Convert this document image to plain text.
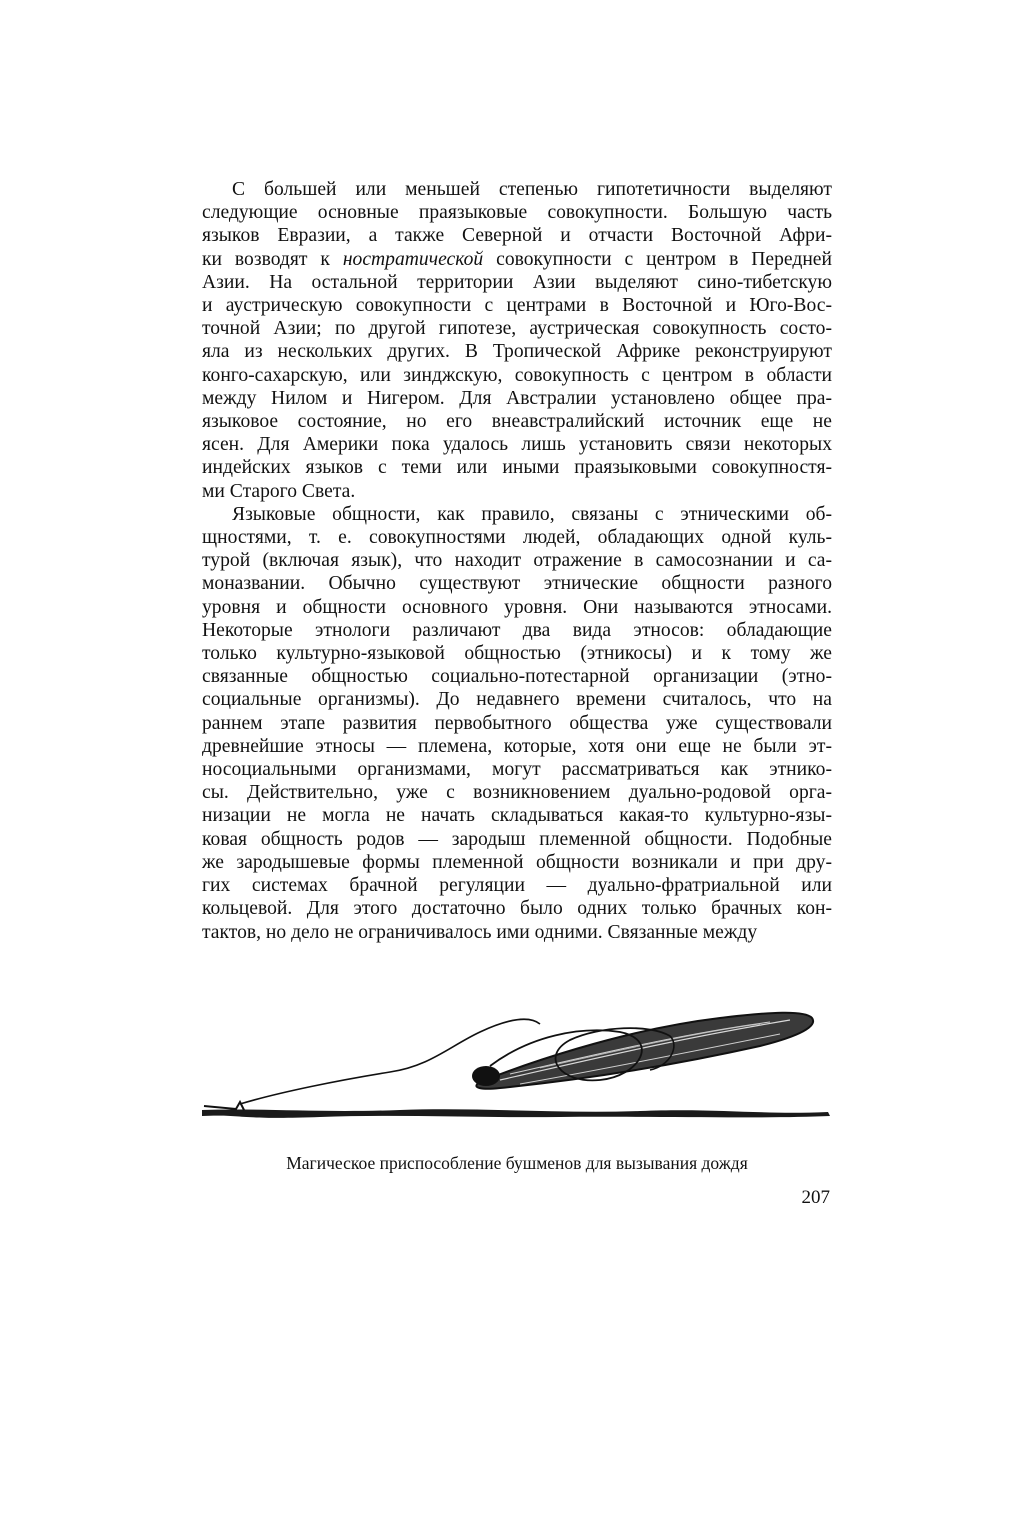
С большей или меньшей степенью гипотетичности выделяют
следующие основные праязыковые совокупности. Большую часть
языков Евразии, а также Северной и отчасти Восточной Афри-
ки возводят к ностратической совокупности с центром в Передней
Азии. На остальной территории Азии выделяют сино-тибетскую
и аустрическую совокупности с центрами в Восточной и Юго-Вос-
точной Азии; по другой гипотезе, аустрическая совокупность состо-
яла из нескольких других. В Тропической Африке реконструируют
конго-сахарскую, или зинджскую, совокупность с центром в области
между Нилом и Нигером. Для Австралии установлено общее пра-
языковое состояние, но его внеавстралийский источник еще не
ясен. Для Америки пока удалось лишь установить связи некоторых
индейских языков с теми или иными праязыковыми совокупностя-
ми Старого Света.

Языковые общности, как правило, связаны с этническими об-
щностями, т. е. совокупностями людей, обладающих одной куль-
турой (включая язык), что находит отражение в самосознании и са-
моназвании. Обычно существуют этнические общности разного
уровня и общности основного уровня. Они называются этносами.
Некоторые этнологи различают два вида этносов: обладающие
только культурно-языковой общностью (этникосы) и к тому же
связанные общностью социально-потестарной организации (этно-
социальные организмы). До недавнего времени считалось, что на
раннем этапе развития первобытного общества уже существовали
древнейшие этносы — племена, которые, хотя они еще не были эт-
носоциальными организмами, могут рассматриваться как этнико-
сы. Действительно, уже с возникновением дуально-родовой орга-
низации не могла не начать складываться какая-то культурно-язы-
ковая общность родов — зародыш племенной общности. Подобные
же зародышевые формы племенной общности возникали и при дру-
гих системах брачной регуляции — дуально-фратриальной или
кольцевой. Для этого достаточно было одних только брачных кон-
тактов, но дело не ограничивалось ими одними. Связанные между

Магическое приспособление бушменов для вызывания дождя
207
